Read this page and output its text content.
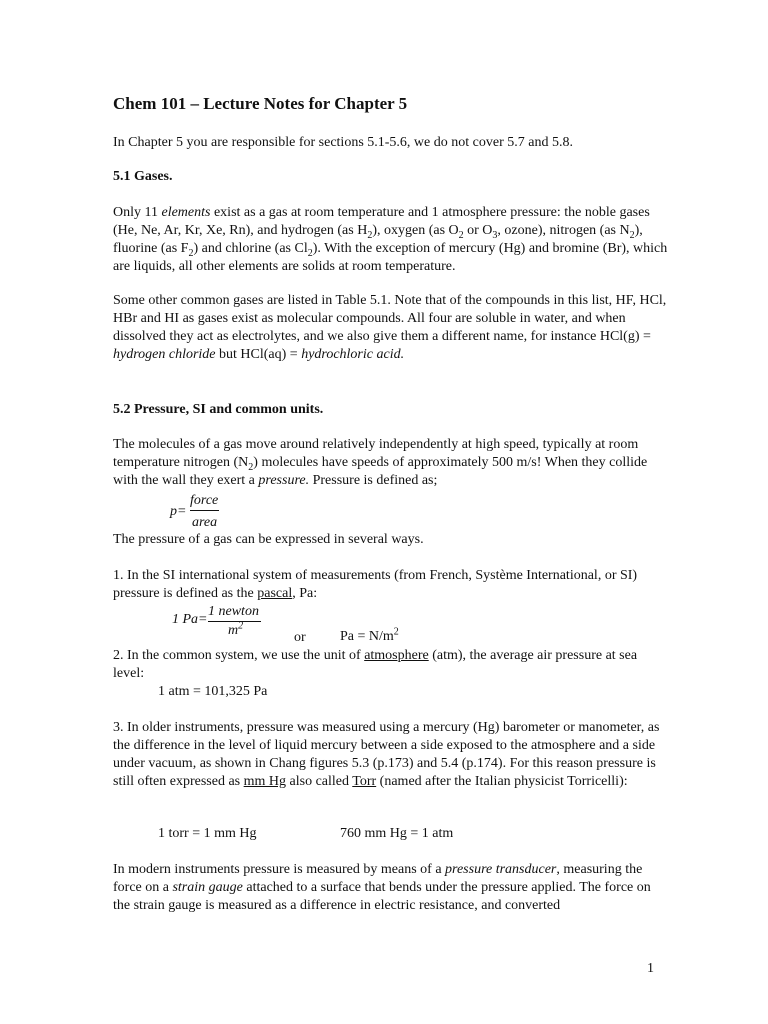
Chem 101 – Lecture Notes for Chapter 5

In Chapter 5 you are responsible for sections 5.1-5.6, we do not cover 5.7 and 5.8.

5.1 Gases.

Only 11 elements exist as a gas at room temperature and 1 atmosphere pressure: the noble gases (He, Ne, Ar, Kr, Xe, Rn), and hydrogen (as $H_2$), oxygen (as $O_2$ or $O_3$, ozone), nitrogen (as $N_2$), fluorine (as $F_2$) and chlorine (as $Cl_2$). With the exception of mercury (Hg) and bromine (Br), which are liquids, all other elements are solids at room temperature.

Some other common gases are listed in Table 5.1. Note that of the compounds in this list, HF, HCl, HBr and HI as gases exist as molecular compounds. All four are soluble in water, and when dissolved they act as electrolytes, and we also give them a different name, for instance HCl(g) = hydrogen chloride but HCl(aq) = hydrochloric acid.

5.2 Pressure, SI and common units.

The molecules of a gas move around relatively independently at high speed, typically at room temperature nitrogen $(N_2)$ molecules have speeds of approximately 500 m/s! When they collide with the wall they exert a pressure. Pressure is defined as;

p=
force
area

The pressure of a gas can be expressed in several ways.

1. In the SI international system of measurements (from French, Système International, or SI) pressure is defined as the pascal, Pa:

1 Pa=
1 newton
$m^2$
or $Pa = N/m^2$

2. In the common system, we use the unit of atmosphere (atm), the average air pressure at sea level:

1 atm = 101,325 Pa

3. In older instruments, pressure was measured using a mercury (Hg) barometer or manometer, as the difference in the level of liquid mercury between a side exposed to the atmosphere and a side under vacuum, as shown in Chang figures 5.3 (p.173) and 5.4 (p.174). For this reason pressure is still often expressed as mm Hg also called Torr (named after the Italian physicist Torricelli):

1 torr = 1 mm Hg	760 mm Hg = 1 atm

In modern instruments pressure is measured by means of a pressure transducer, measuring the force on a strain gauge attached to a surface that bends under the pressure applied. The force on the strain gauge is measured as a difference in electric resistance, and converted

1
